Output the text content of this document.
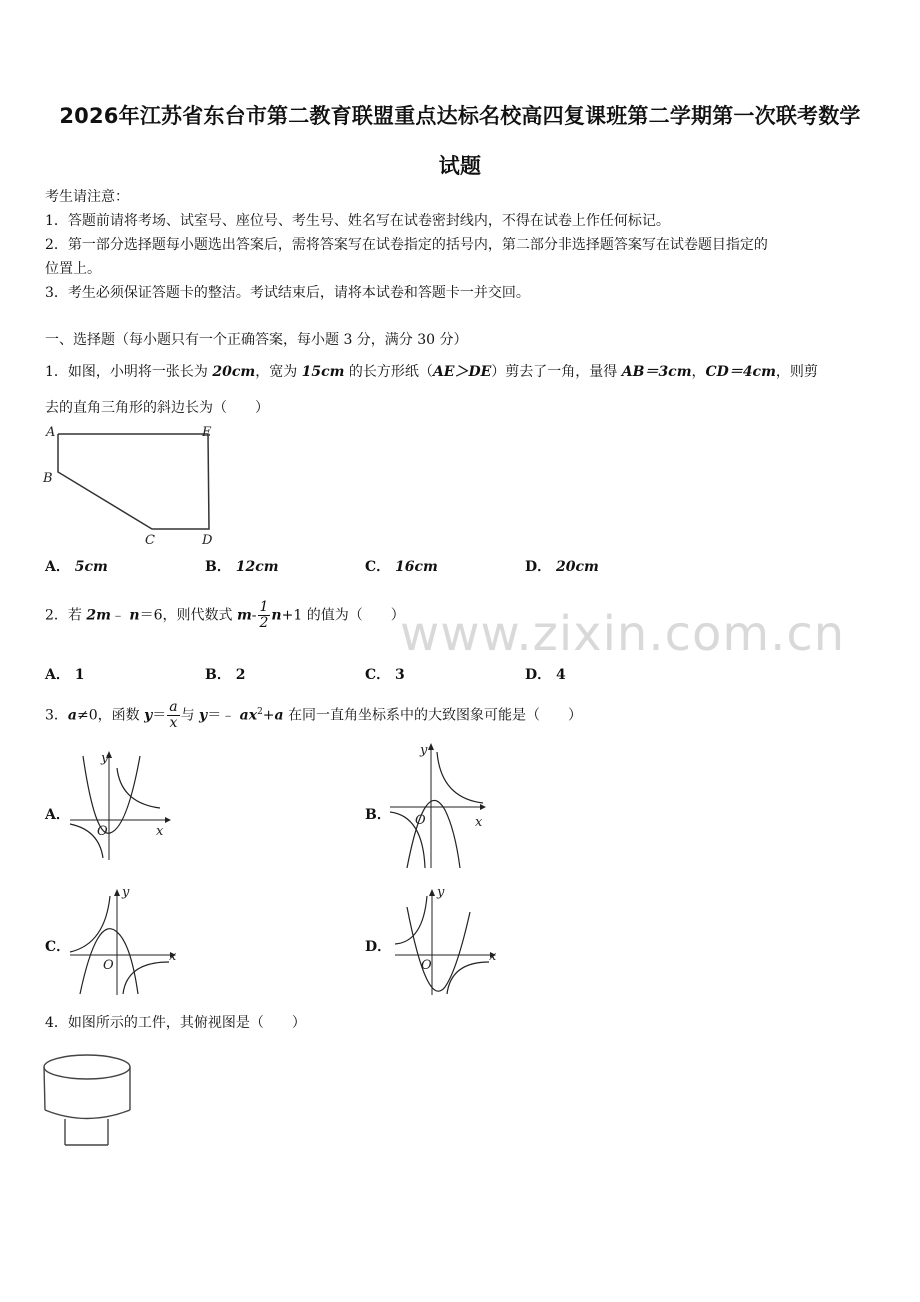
2026年江苏省东台市第二教育联盟重点达标名校高四复课班第二学期第一次联考数学
试题
考生请注意：
1．答题前请将考场、试室号、座位号、考生号、姓名写在试卷密封线内，不得在试卷上作任何标记。
2．第一部分选择题每小题选出答案后，需将答案写在试卷指定的括号内，第二部分非选择题答案写在试卷题目指定的
位置上。
3．考生必须保证答题卡的整洁。考试结束后，请将本试卷和答题卡一并交回。
一、选择题（每小题只有一个正确答案，每小题 3 分，满分 30 分）
www.zixin.com.cn
1．如图，小明将一张长为 20cm，宽为 15cm 的长方形纸（AE＞DE）剪去了一角，量得 AB＝3cm，CD＝4cm，则剪
去的直角三角形的斜边长为（　　）
A	E
B
C	D
A． 5cm	B． 12cm	C． 16cm	D． 20cm
2．若 2m﹣ n＝6，则代数式 $m- \frac{1}{2} n+1$ 的值为（　　）
A． 1	B． 2	C． 3	D． 4
3．a≠0，函数 $y= \frac{a}{x}$ 与 y＝﹣ $ax^2+a$ 在同一直角坐标系中的大致图象可能是（　　）
A．
y
x
O
B．
y
x
O
C．
y
x
O
D．
y
x
O
4．如图所示的工件，其俯视图是（　　）
